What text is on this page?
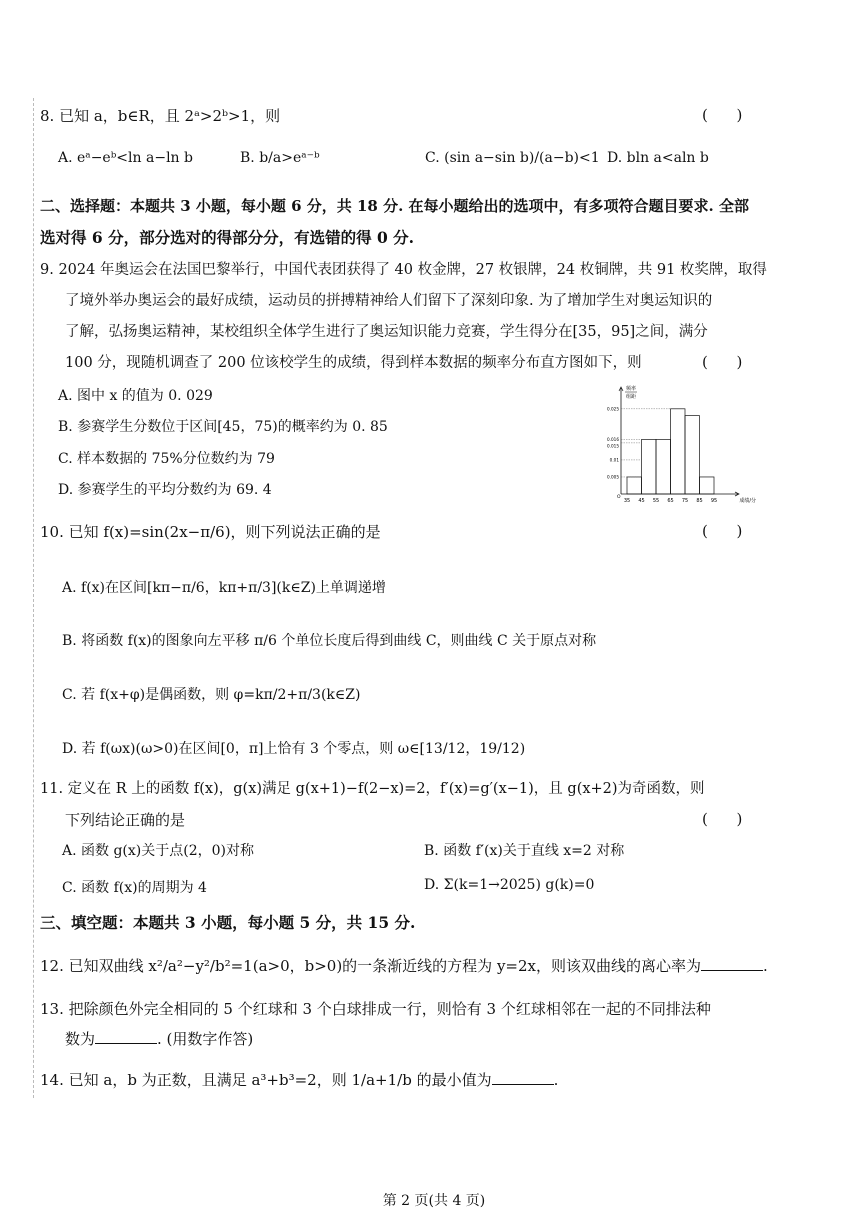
8. 已知 a，b∈R，且 2ᵃ>2ᵇ>1，则	(      )
A. eᵃ−eᵇ<ln a−ln b	B. b/a>eᵃ⁻ᵇ	C. (sin a−sin b)/(a−b)<1 D. bln a<aln b
二、选择题：本题共 3 小题，每小题 6 分，共 18 分. 在每小题给出的选项中，有多项符合题目要求. 全部
选对得 6 分，部分选对的得部分分，有选错的得 0 分.
9. 2024 年奥运会在法国巴黎举行，中国代表团获得了 40 枚金牌，27 枚银牌，24 枚铜牌，共 91 枚奖牌，取得
了境外举办奥运会的最好成绩，运动员的拼搏精神给人们留下了深刻印象. 为了增加学生对奥运知识的
了解，弘扬奥运精神，某校组织全体学生进行了奥运知识能力竞赛，学生得分在[35，95]之间，满分
100 分，现随机调查了 200 位该校学生的成绩，得到样本数据的频率分布直方图如下，则	(      )
A. 图中 x 的值为 0. 029
B. 参赛学生分数位于区间[45，75)的概率约为 0. 85
C. 样本数据的 75%分位数约为 79
D. 参赛学生的平均分数约为 69. 4
频率
组距
0.025
0.016
0.015
0.01
0.005
O
35 45 55 65 75 85 95	成绩/分
10. 已知 f(x)=sin(2x−π/6)，则下列说法正确的是	(      )
A. f(x)在区间[kπ−π/6，kπ+π/3](k∈Z)上单调递增
B. 将函数 f(x)的图象向左平移 π/6 个单位长度后得到曲线 C，则曲线 C 关于原点对称
C. 若 f(x+φ)是偶函数，则 φ=kπ/2+π/3(k∈Z)
D. 若 f(ωx)(ω>0)在区间[0，π]上恰有 3 个零点，则 ω∈[13/12，19/12)
11. 定义在 R 上的函数 f(x)，g(x)满足 g(x+1)−f(2−x)=2，f′(x)=g′(x−1)，且 g(x+2)为奇函数，则
下列结论正确的是	(      )
A. 函数 g(x)关于点(2，0)对称	B. 函数 f′(x)关于直线 x=2 对称
C. 函数 f(x)的周期为 4	D. Σ(k=1→2025) g(k)=0
三、填空题：本题共 3 小题，每小题 5 分，共 15 分.
12. 已知双曲线 x²/a²−y²/b²=1(a>0，b>0)的一条渐近线的方程为 y=2x，则该双曲线的离心率为	.
13. 把除颜色外完全相同的 5 个红球和 3 个白球排成一行，则恰有 3 个红球相邻在一起的不同排法种
数为	. (用数字作答)
14. 已知 a，b 为正数，且满足 a³+b³=2，则 1/a+1/b 的最小值为	.
第 2 页(共 4 页)
